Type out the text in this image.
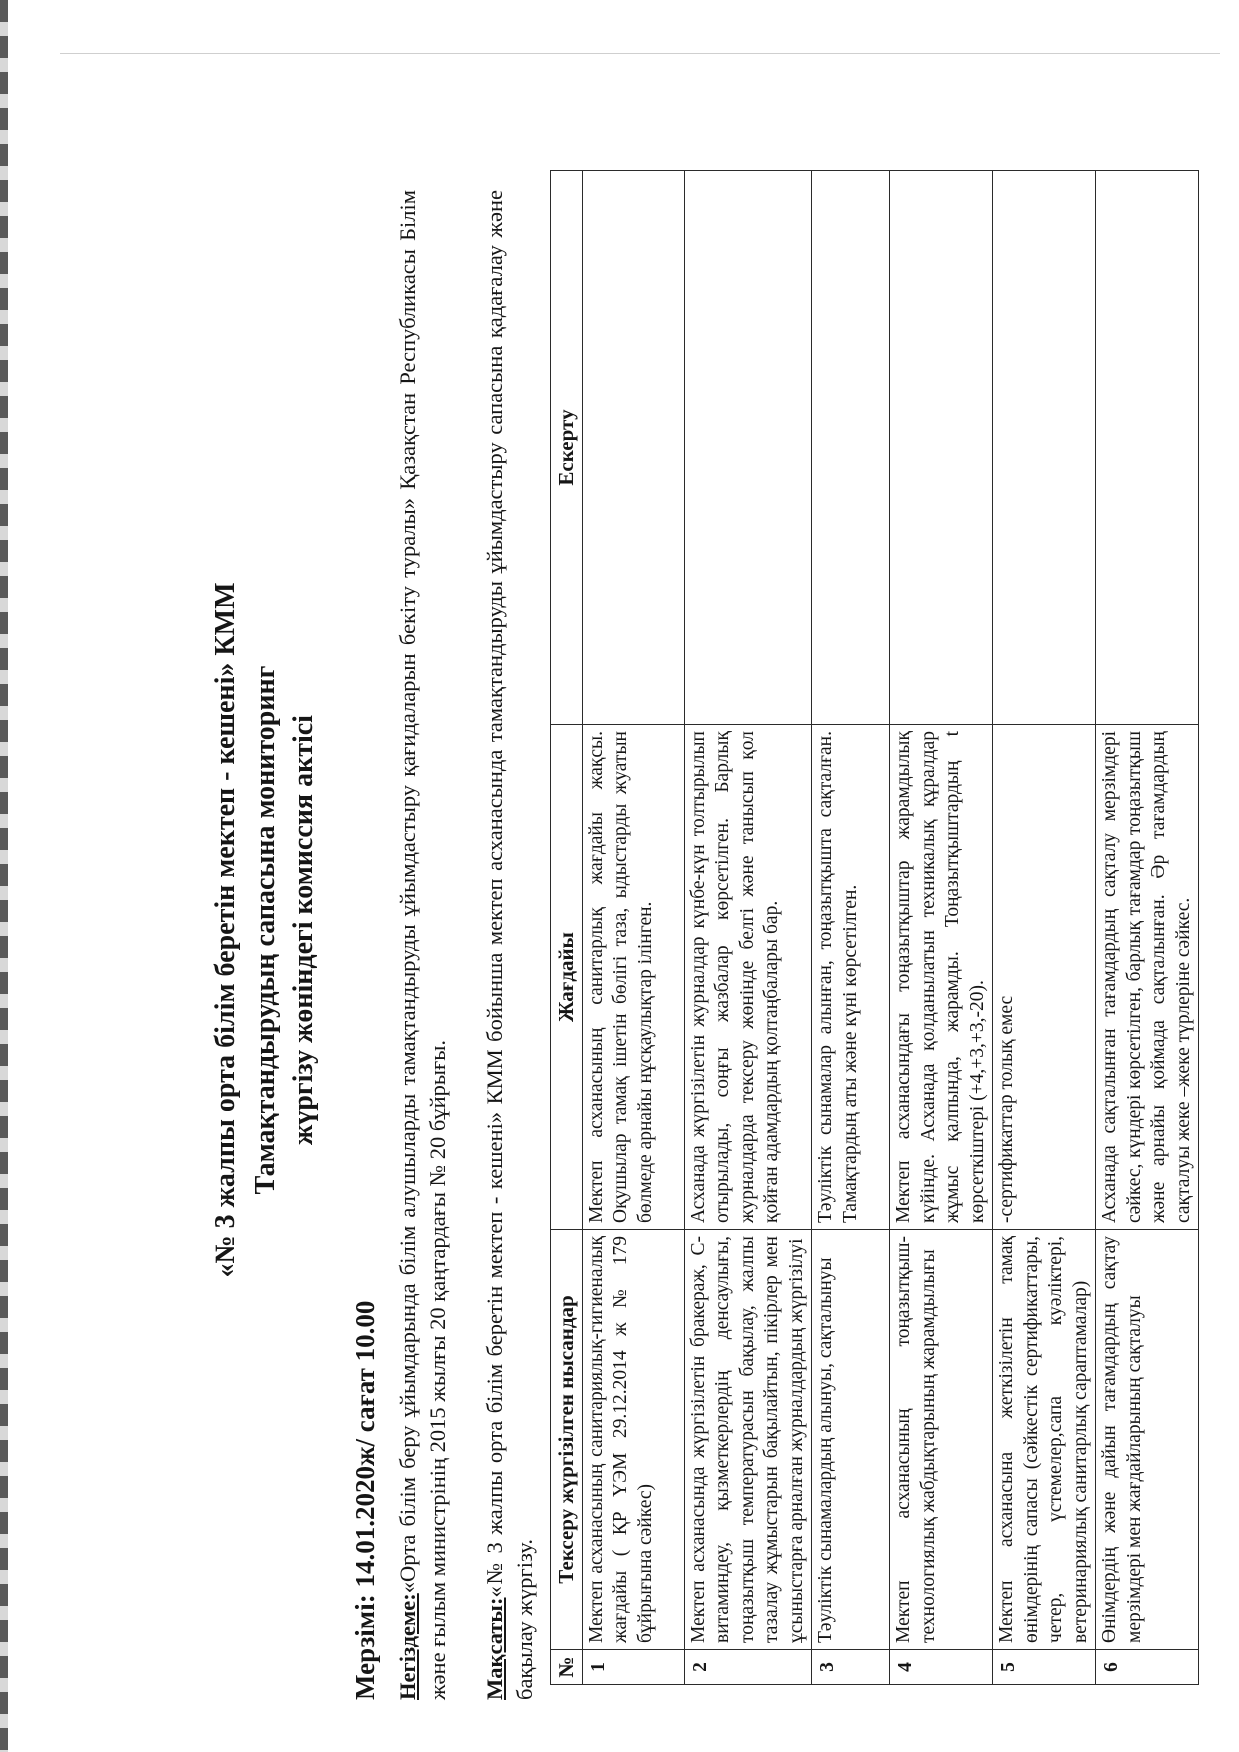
«№ 3 жалпы орта білім беретін мектеп - кешені» КММ Тамақтандырудың сапасына мониторинг жүргізу жөніндегі комиссия актісі
Мерзімі: 14.01.2020ж/ сағат 10.00 Негіздеме:«Орта білім беру ұйымдарында білім алушыларды тамақтандыруды ұйымдастыру қағидаларын бекіту туралы» Қазақстан Республикасы Білім және ғылым министрінің 2015 жылғы 20 қаңтардағы № 20 бұйрығы. Мақсаты:«№ 3 жалпы орта білім беретін мектеп - кешені» КММ бойынша мектеп асханасында тамақтандыруды ұйымдастыру сапасына қадағалау және бақылау жүргізу. №	Тексеру жүргізілген нысандар	Жағдайы	Ескерту
1	Мектеп асханасының санитариялық-гигиеналық жағдайы ( ҚР ҮЭМ 29.12.2014 ж № 179 бұйрығына сәйкес)	Мектеп асханасының санитарлық жағдайы жақсы. Оқушылар тамақ ішетін бөлігі таза, ыдыстарды жуатын бөлмеде арнайы нұсқаулықтар ілінген.	
2	Мектеп асханасында жүргізілетін бракераж, С-витаминдеу, қызметкерлердің денсаулығы, тоңазытқыш температурасын бақылау, жалпы тазалау жұмыстарын бақылайтын, пікірлер мен ұсыныстарға арналған журналдардың жүргізілуі	Асханада жүргізілетін журналдар күнбе-күн толтырылып отырылады, соңғы жазбалар көрсетілген. Барлық журналдарда тексеру жөнінде белгі және танысып қол қойған адамдардың қолтаңбалары бар.	
3	Тәуліктік сынамалардың алынуы, сақталынуы	Тәуліктік сынамалар алынған, тоңазытқышта сақталған. Тамақтардың аты және күні көрсетілген.	
4	Мектеп асханасының тоңазытқыш- технологиялық жабдықтарының жарамдылығы	Мектеп асханасындағы тоңазытқыштар жарамдылық күйінде. Асханада қолданылатын техникалық құралдар жұмыс қалпында, жарамды. Тоңазытқыштардың t көрсеткіштері (+4,+3,+3,-20).	
5	Мектеп асханасына жеткізілетін тамақ өнімдерінің сапасы (сәйкестік сертификаттары, четер, үстемелер,сапа куәліктері, ветеринариялық санитарлық сараптамалар)	-сертификаттар толық емес	
6	Өнімдердің және дайын тағамдардың сақтау мерзімдері мен жағдайларының сақталуы	Асханада сақталынған тағамдардың сақталу мерзімдері сәйкес, күндері көрсетілген, барлық тағамдар тоңазытқыш және арнайы қоймада сақталынған. Әр тағамдардың сақталуы жеке –жеке түрлеріне сәйкес.	
